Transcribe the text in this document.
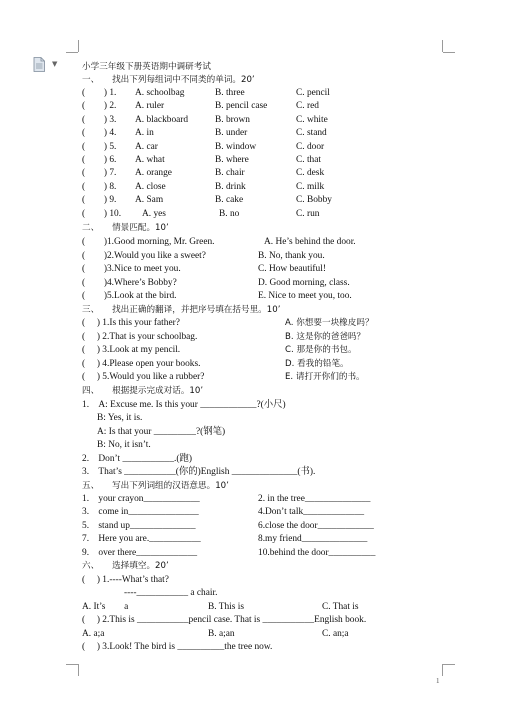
▼	小学三年级下册英语期中调研考试
一、　　找出下列每组词中不同类的单词。20’
(　　) 1. A. schoolbag	B. three	C. pencil
(　　) 2. A. ruler	B. pencil case	C. red
(　　) 3. A. blackboard	B. brown	C. white
(　　) 4. A. in	B. under	C. stand
(　　) 5. A. car	B. window	C. door
(　　) 6. A. what	B. where	C. that
(　　) 7. A. orange	B. chair	C. desk
(　　) 8. A. close	B. drink	C. milk
(　　) 9. A. Sam	B. cake	C. Bobby
(　　) 10. A. yes	B. no	C. run
二、　　情景匹配。10’
(　　)1.Good morning, Mr. Green.	A. He’s behind the door.
(　　)2.Would you like a sweet?	B. No, thank you.
(　　)3.Nice to meet you.	C. How beautiful!
(　　)4.Where’s Bobby?	D. Good morning, class.
(　　)5.Look at the bird.	E. Nice to meet you, too.
三、　　找出正确的翻译，并把序号填在括号里。10’
(　 ) 1.Is this your father?	A. 你想要一块橡皮吗？
(　 ) 2.That is your schoolbag.	B. 这是你的爸爸吗？
(　 ) 3.Look at my pencil.	C. 那是你的书包。
(　 ) 4.Please open your books.	D. 看我的铅笔。
(　 ) 5.Would you like a rubber?	E. 请打开你们的书。
四、　　根据提示完成对话。10’
1.　A: Excuse me. Is this your ____________?(小尺)
B: Yes, it is.
A: Is that your _________?(钢笔)
B: No, it isn’t.
2.　Don’t ___________.(跑)
3.　That’s ___________(你的)English ______________(书).
五、　　写出下列词组的汉语意思。10’
1.　your crayon____________	2. in the tree______________
3.　come in_______________	4.Don’t talk_____________
5.　stand up______________	6.close the door____________
7.　Here you are.___________	8.my friend______________
9.　over there_____________	10.behind the door__________
六、　　选择填空。20’
(　 ) 1.----What’s that?
----___________ a chair.
A. It’s　　a	B. This is	C. That is
(　 ) 2.This is ___________pencil case. That is ___________English book.
A. a;a	B. a;an	C. an;a
(　 ) 3.Look! The bird is __________the tree now.
1
